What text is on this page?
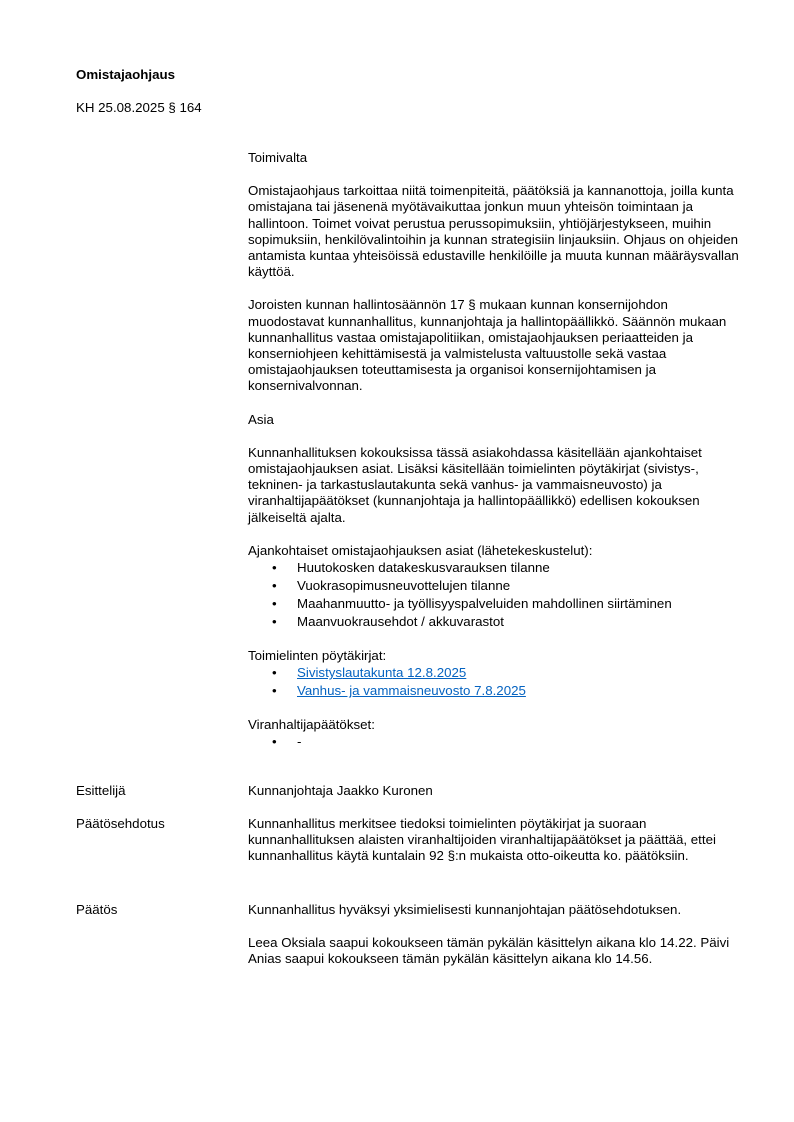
Omistajaohjaus
KH 25.08.2025 § 164

Toimivalta

Omistajaohjaus tarkoittaa niitä toimenpiteitä, päätöksiä ja kannanottoja, joilla kunta omistajana tai jäsenenä myötävaikuttaa jonkun muun yhteisön toimintaan ja hallintoon. Toimet voivat perustua perussopimuksiin, yhtiöjärjestykseen, muihin sopimuksiin, henkilövalintoihin ja kunnan strategisiin linjauksiin. Ohjaus on ohjeiden antamista kuntaa yhteisöissä edustaville henkilöille ja muuta kunnan määräysvallan käyttöä.

Joroisten kunnan hallintosäännön 17 § mukaan kunnan konsernijohdon muodostavat kunnanhallitus, kunnanjohtaja ja hallintopäällikkö. Säännön mukaan kunnanhallitus vastaa omistajapolitiikan, omistajaohjauksen periaatteiden ja konserniohjeen kehittämisestä ja valmistelusta valtuustolle sekä vastaa omistajaohjauksen toteuttamisesta ja organisoi konsernijohtamisen ja konsernivalvonnan.

Asia

Kunnanhallituksen kokouksissa tässä asiakohdassa käsitellään ajankohtaiset omistajaohjauksen asiat. Lisäksi käsitellään toimielinten pöytäkirjat (sivistys-, tekninen- ja tarkastuslautakunta sekä vanhus- ja vammaisneuvosto) ja viranhaltijapäätökset (kunnanjohtaja ja hallintopäällikkö) edellisen kokouksen jälkeiseltä ajalta.

Ajankohtaiset omistajaohjauksen asiat (lähetekeskustelut):

• Huutokosken datakeskusvarauksen tilanne
• Vuokrasopimusneuvottelujen tilanne
• Maahanmuutto- ja työllisyyspalveluiden mahdollinen siirtäminen
• Maanvuokrausehdot / akkuvarastot

Toimielinten pöytäkirjat:

• Sivistyslautakunta 12.8.2025
• Vanhus- ja vammaisneuvosto 7.8.2025

Viranhaltijapäätökset:

• -
Esittelijä	Kunnanjohtaja Jaakko Kuronen
Päätösehdotus	Kunnanhallitus merkitsee tiedoksi toimielinten pöytäkirjat ja suoraan kunnanhallituksen alaisten viranhaltijoiden viranhaltijapäätökset ja päättää, ettei kunnanhallitus käytä kuntalain 92 §:n mukaista otto-oikeutta ko. päätöksiin.
Päätös	Kunnanhallitus hyväksyi yksimielisesti kunnanjohtajan päätösehdotuksen.

Leea Oksiala saapui kokoukseen tämän pykälän käsittelyn aikana klo 14.22. Päivi Anias saapui kokoukseen tämän pykälän käsittelyn aikana klo 14.56.
